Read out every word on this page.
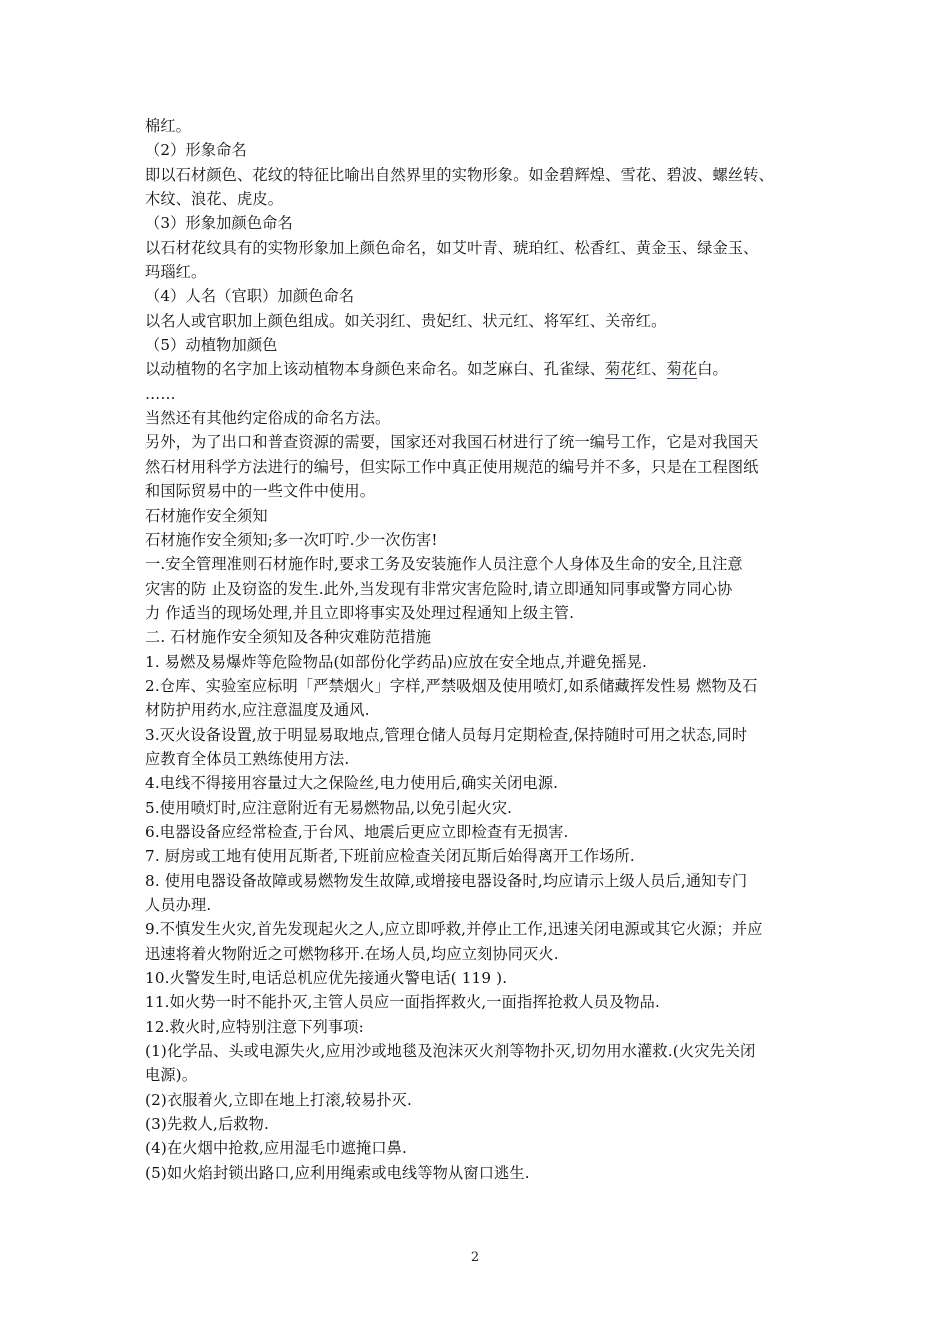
棉红。
（2）形象命名
即以石材颜色、花纹的特征比喻出自然界里的实物形象。如金碧辉煌、雪花、碧波、螺丝转、
木纹、浪花、虎皮。
（3）形象加颜色命名
以石材花纹具有的实物形象加上颜色命名，如艾叶青、琥珀红、松香红、黄金玉、绿金玉、
玛瑙红。
（4）人名（官职）加颜色命名
以名人或官职加上颜色组成。如关羽红、贵妃红、状元红、将军红、关帝红。
（5）动植物加颜色
以动植物的名字加上该动植物本身颜色来命名。如芝麻白、孔雀绿、菊花红、菊花白。
……
当然还有其他约定俗成的命名方法。
另外，为了出口和普查资源的需要，国家还对我国石材进行了统一编号工作，它是对我国天
然石材用科学方法进行的编号，但实际工作中真正使用规范的编号并不多，只是在工程图纸
和国际贸易中的一些文件中使用。
石材施作安全须知
石材施作安全须知;多一次叮咛.少一次伤害!
一.安全管理准则石材施作时,要求工务及安装施作人员注意个人身体及生命的安全,且注意
灾害的防 止及窃盗的发生.此外,当发现有非常灾害危险时,请立即通知同事或警方同心协
力 作适当的现场处理,并且立即将事实及处理过程通知上级主管.
二. 石材施作安全须知及各种灾难防范措施
1. 易燃及易爆炸等危险物品(如部份化学药品)应放在安全地点,并避免摇晃.
2.仓库、实验室应标明「严禁烟火」字样,严禁吸烟及使用喷灯,如系储藏挥发性易 燃物及石
材防护用药水,应注意温度及通风.
3.灭火设备设置,放于明显易取地点,管理仓储人员每月定期检查,保持随时可用之状态,同时
应教育全体员工熟练使用方法.
4.电线不得接用容量过大之保险丝,电力使用后,确实关闭电源.
5.使用喷灯时,应注意附近有无易燃物品,以免引起火灾.
6.电器设备应经常检查,于台风、地震后更应立即检查有无损害.
7. 厨房或工地有使用瓦斯者,下班前应检查关闭瓦斯后始得离开工作场所.
8. 使用电器设备故障或易燃物发生故障,或增接电器设备时,均应请示上级人员后,通知专门
人员办理.
9.不慎发生火灾,首先发现起火之人,应立即呼救,并停止工作,迅速关闭电源或其它火源；并应
迅速将着火物附近之可燃物移开.在场人员,均应立刻协同灭火.
10.火警发生时,电话总机应优先接通火警电话( 119 ).
11.如火势一时不能扑灭,主管人员应一面指挥救火,一面指挥抢救人员及物品.
12.救火时,应特别注意下列事项:
(1)化学品、头或电源失火,应用沙或地毯及泡沫灭火剂等物扑灭,切勿用水灌救.(火灾先关闭
电源)。
(2)衣服着火,立即在地上打滚,较易扑灭.
(3)先救人,后救物.
(4)在火烟中抢救,应用湿毛巾遮掩口鼻.
(5)如火焰封锁出路口,应利用绳索或电线等物从窗口逃生.
2
